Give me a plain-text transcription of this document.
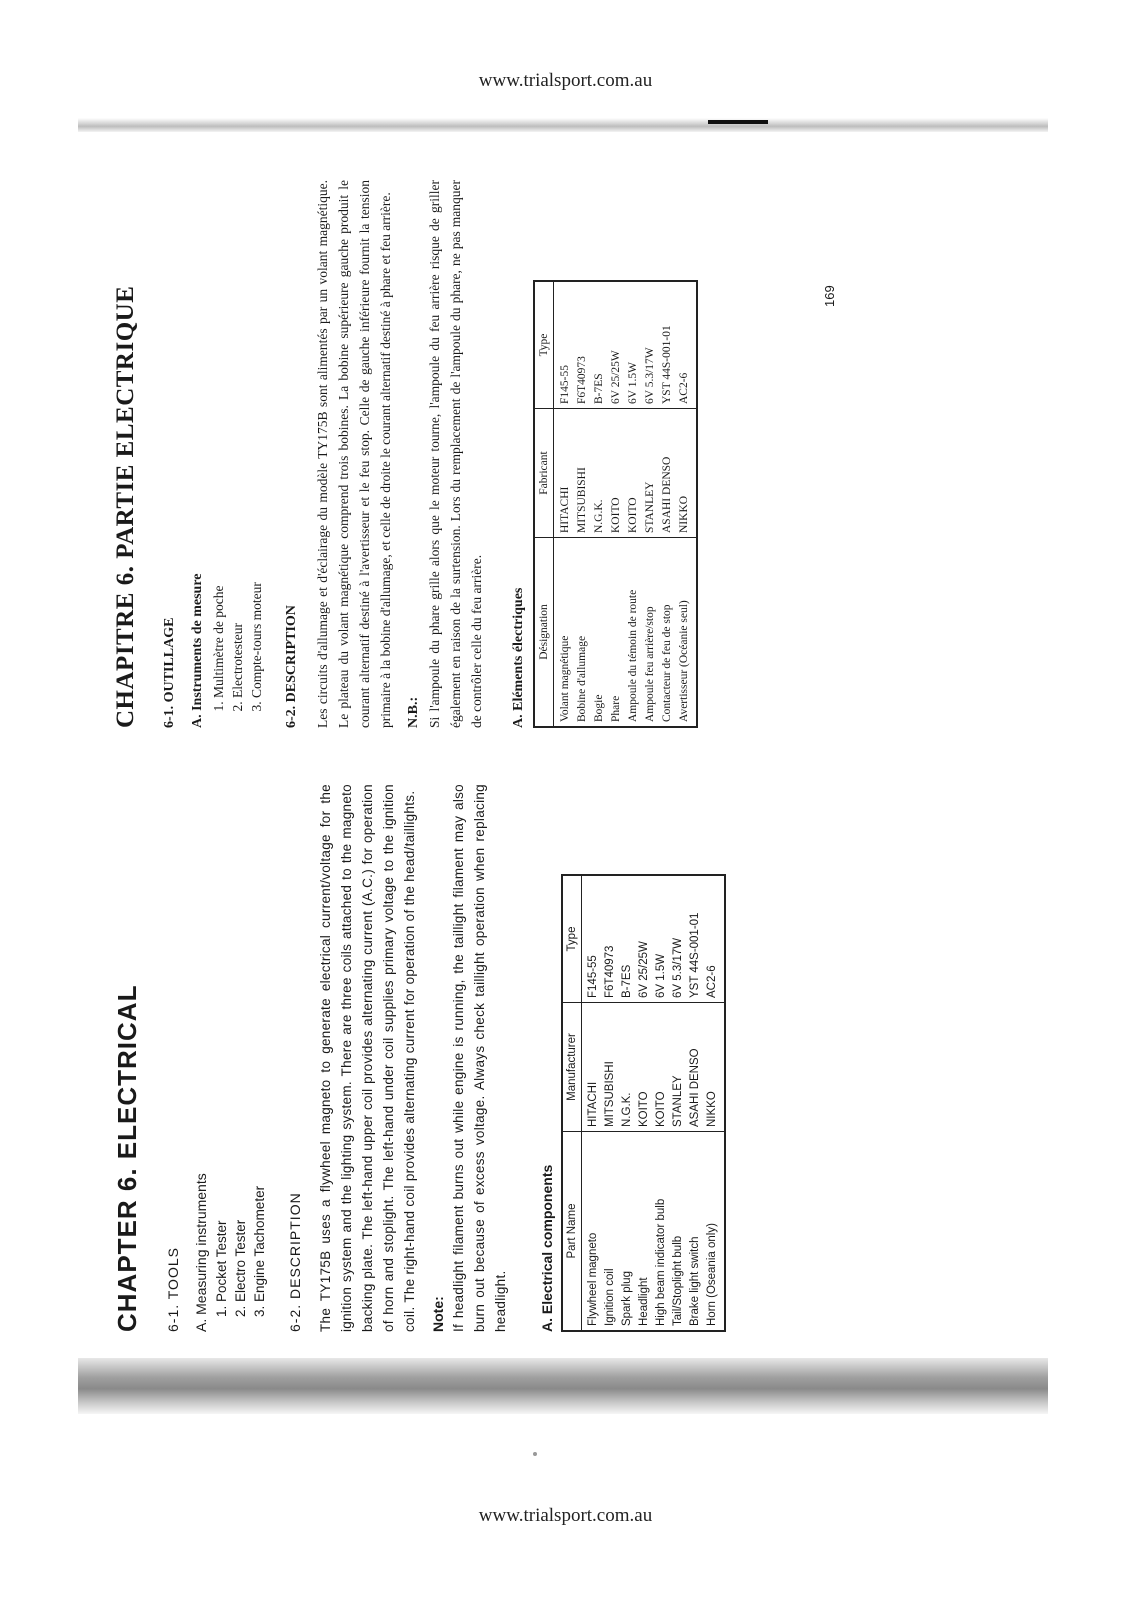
www.trialsport.com.au
CHAPTER 6. ELECTRICAL 6-1. TOOLS A. Measuring instruments 1. Pocket Tester 2. Electro Tester 3. Engine Tachometer 6-2. DESCRIPTION The TY175B uses a flywheel magneto to generate electrical current/voltage for the ignition system and the lighting system. There are three coils attached to the magneto backing plate. The left-hand upper coil provides alternating current (A.C.) for operation of horn and stoplight. The left-hand under coil supplies primary voltage to the ignition coil. The right-hand coil provides alternating current for operation of the head/taillights. Note: If headlight filament burns out while engine is running, the taillight filament may also burn out because of excess voltage. Always check taillight operation when replacing headlight. A. Electrical components Part Name	Manufacturer	Type
Flywheel magneto	HITACHI	F145-55
Ignition coil	MITSUBISHI	F6T40973
Spark plug	N.G.K.	B-7ES
Headlight	KOITO	6V 25/25W
High beam indicator bulb	KOITO	6V 1.5W
Tail/Stoplight bulb	STANLEY	6V 5.3/17W
Brake light switch	ASAHI DENSO	YST 44S-001-01
Horn (Oseania only)	NIKKO	AC2-6
CHAPITRE 6. PARTIE ELECTRIQUE 6-1. OUTILLAGE A. Instruments de mesure 1. Multimètre de poche 2. Electrotesteur 3. Compte-tours moteur 6-2. DESCRIPTION Les circuits d'allumage et d'éclairage du modèle TY175B sont alimentés par un volant magnétique. Le plateau du volant magnétique comprend trois bobines. La bobine supérieure gauche produit le courant alternatif destiné à l'avertisseur et le feu stop. Celle de gauche inférieure fournit la tension primaire à la bobine d'allumage, et celle de droite le courant alternatif destiné à phare et feu arrière. N.B.: Si l'ampoule du phare grille alors que le moteur tourne, l'ampoule du feu arrière risque de griller également en raison de la surtension. Lors du remplacement de l'ampoule du phare, ne pas manquer de contrôler celle du feu arrière. A. Eléments électriques Désignation	Fabricant	Type
Volant magnétique	HITACHI	F145-55
Bobine d'allumage	MITSUBISHI	F6T40973
Bogie	N.G.K.	B-7ES
Phare	KOITO	6V 25/25W
Ampoule du témoin de route	KOITO	6V 1.5W
Ampoule feu arrière/stop	STANLEY	6V 5.3/17W
Contacteur de feu de stop	ASAHI DENSO	YST 44S-001-01
Avertisseur (Océanie seul)	NIKKO	AC2-6
169
www.trialsport.com.au
